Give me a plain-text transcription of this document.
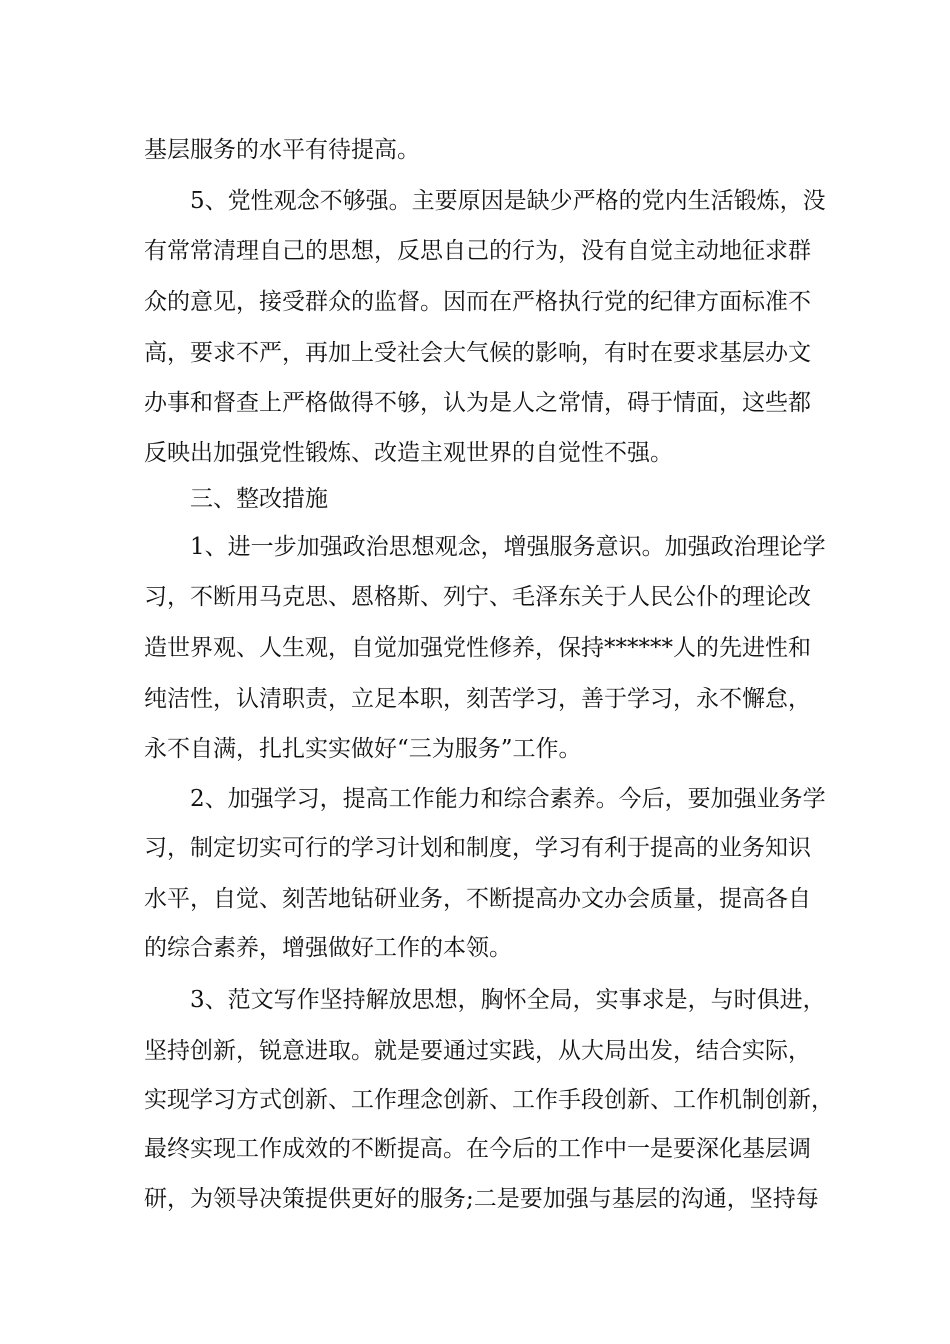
基层服务的水平有待提高。

5、党性观念不够强。主要原因是缺少严格的党内生活锻炼，没

有常常清理自己的思想，反思自己的行为，没有自觉主动地征求群

众的意见，接受群众的监督。因而在严格执行党的纪律方面标准不

高，要求不严，再加上受社会大气候的影响，有时在要求基层办文

办事和督查上严格做得不够，认为是人之常情，碍于情面，这些都

反映出加强党性锻炼、改造主观世界的自觉性不强。

三、整改措施

1、进一步加强政治思想观念，增强服务意识。加强政治理论学

习，不断用马克思、恩格斯、列宁、毛泽东关于人民公仆的理论改

造世界观、人生观，自觉加强党性修养，保持******人的先进性和

纯洁性，认清职责，立足本职，刻苦学习，善于学习，永不懈怠，

永不自满，扎扎实实做好“三为服务”工作。

2、加强学习，提高工作能力和综合素养。今后，要加强业务学

习，制定切实可行的学习计划和制度，学习有利于提高的业务知识

水平，自觉、刻苦地钻研业务，不断提高办文办会质量，提高各自

的综合素养，增强做好工作的本领。

3、范文写作坚持解放思想，胸怀全局，实事求是，与时俱进，

坚持创新，锐意进取。就是要通过实践，从大局出发，结合实际，

实现学习方式创新、工作理念创新、工作手段创新、工作机制创新，

最终实现工作成效的不断提高。在今后的工作中一是要深化基层调

研，为领导决策提供更好的服务;二是要加强与基层的沟通，坚持每
